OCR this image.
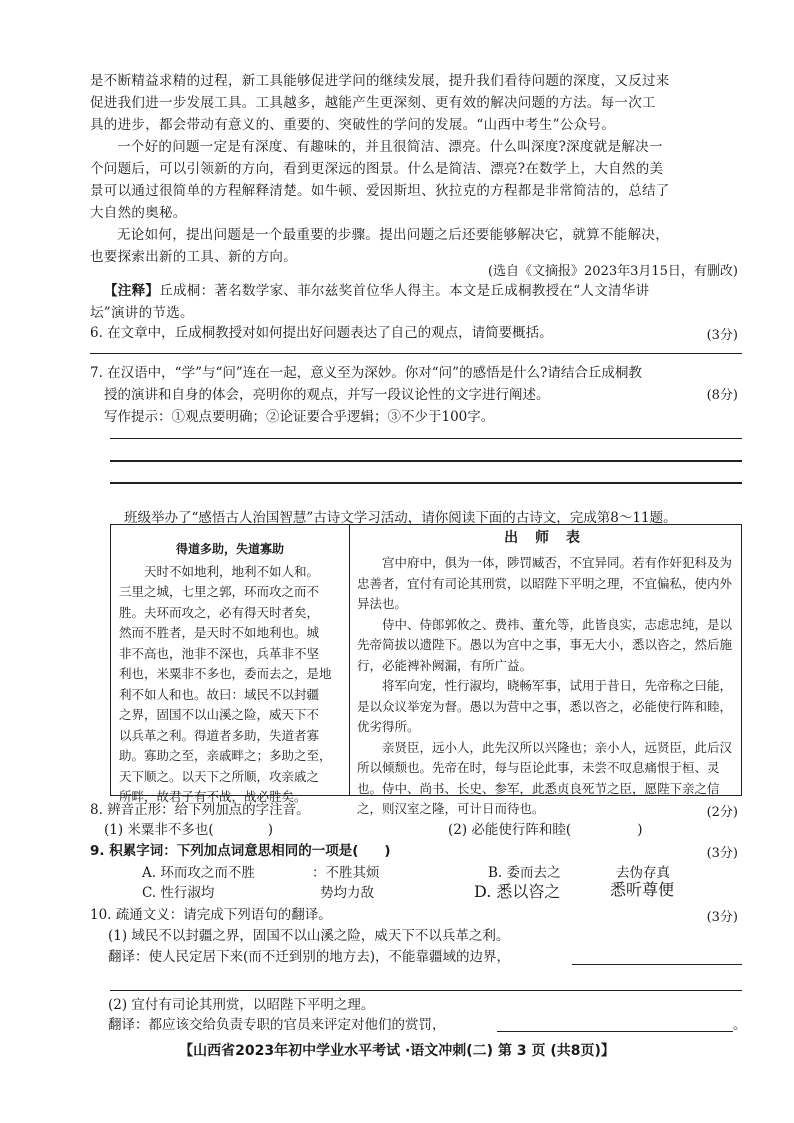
是不断精益求精的过程，新工具能够促进学问的继续发展，提升我们看待问题的深度，又反过来
促进我们进一步发展工具。工具越多，越能产生更深刻、更有效的解决问题的方法。每一次工
具的进步，都会带动有意义的、重要的、突破性的学问的发展。“山西中考生”公众号。
一个好的问题一定是有深度、有趣味的，并且很简洁、漂亮。什么叫深度?深度就是解决一
个问题后，可以引领新的方向，看到更深远的图景。什么是简洁、漂亮?在数学上，大自然的美
景可以通过很简单的方程解释清楚。如牛顿、爱因斯坦、狄拉克的方程都是非常简洁的，总结了
大自然的奥秘。
无论如何，提出问题是一个最重要的步骤。提出问题之后还要能够解决它，就算不能解决，
也要探索出新的工具、新的方向。
(选自《文摘报》2023年3月15日，有删改)
【注释】丘成桐：著名数学家、菲尔兹奖首位华人得主。本文是丘成桐教授在“人文清华讲
坛”演讲的节选。
6. 在文章中，丘成桐教授对如何提出好问题表达了自己的观点，请简要概括。	(3分)
7. 在汉语中，“学”与“问”连在一起，意义至为深妙。你对“问”的感悟是什么?请结合丘成桐教
授的演讲和自身的体会，亮明你的观点，并写一段议论性的文字进行阐述。
写作提示：①观点要明确；②论证要合乎逻辑；③不少于100字。
(8分)
班级举办了“感悟古人治国智慧”古诗文学习活动，请你阅读下面的古诗文，完成第8～11题。
出 师 表
得道多助，失道寡助
天时不如地利，地利不如人和。
三里之城，七里之郭，环而攻之而不
胜。夫环而攻之，必有得天时者矣，
然而不胜者，是天时不如地利也。城
非不高也，池非不深也，兵革非不坚
利也，米粟非不多也，委而去之，是地
利不如人和也。故曰：域民不以封疆
之界，固国不以山溪之险，威天下不
以兵革之利。得道者多助，失道者寡
助。寡助之至，亲戚畔之；多助之至，
天下顺之。以天下之所顺，攻亲戚之
所畔，故君子有不战，战必胜矣。

宫中府中，俱为一体，陟罚臧否，不宜异同。若有作奸犯科及为忠善者，宜付有司论其刑赏，以昭陛下平明之理，不宜偏私，使内外异法也。

侍中、侍郎郭攸之、费祎、董允等，此皆良实，志虑忠纯，是以先帝简拔以遗陛下。愚以为宫中之事，事无大小，悉以咨之，然后施行，必能裨补阙漏，有所广益。

将军向宠，性行淑均，晓畅军事，试用于昔日，先帝称之曰能，是以众议举宠为督。愚以为营中之事，悉以咨之，必能使行阵和睦，优劣得所。

亲贤臣，远小人，此先汉所以兴隆也；亲小人，远贤臣，此后汉所以倾颓也。先帝在时，每与臣论此事，未尝不叹息痛恨于桓、灵也。侍中、尚书、长史、参军，此悉贞良死节之臣，愿陛下亲之信之，则汉室之隆，可计日而待也。

8. 辨音正形：给下列加点的字注音。	(2分)
(1) 米粟非不多也(	)	(2) 必能使行阵和睦(	)
9. 积累字词：下列加点词意思相同的一项是( )	(3分)
A. 环而攻之而不胜	：不胜其烦	B. 委而去之	去伪存真
C. 性行淑均	势均力敌	D. 悉以咨之	悉听尊便
10. 疏通文义：请完成下列语句的翻译。	(3分)
(1) 域民不以封疆之界，固国不以山溪之险，威天下不以兵革之利。
翻译：使人民定居下来(而不迁到别的地方去)，不能靠疆域的边界，
(2) 宜付有司论其刑赏，以昭陛下平明之理。
翻译：都应该交给负责专职的官员来评定对他们的赏罚，	。
【山西省2023年初中学业水平考试 ·语文冲刺(二) 第 3 页 (共8页)】
